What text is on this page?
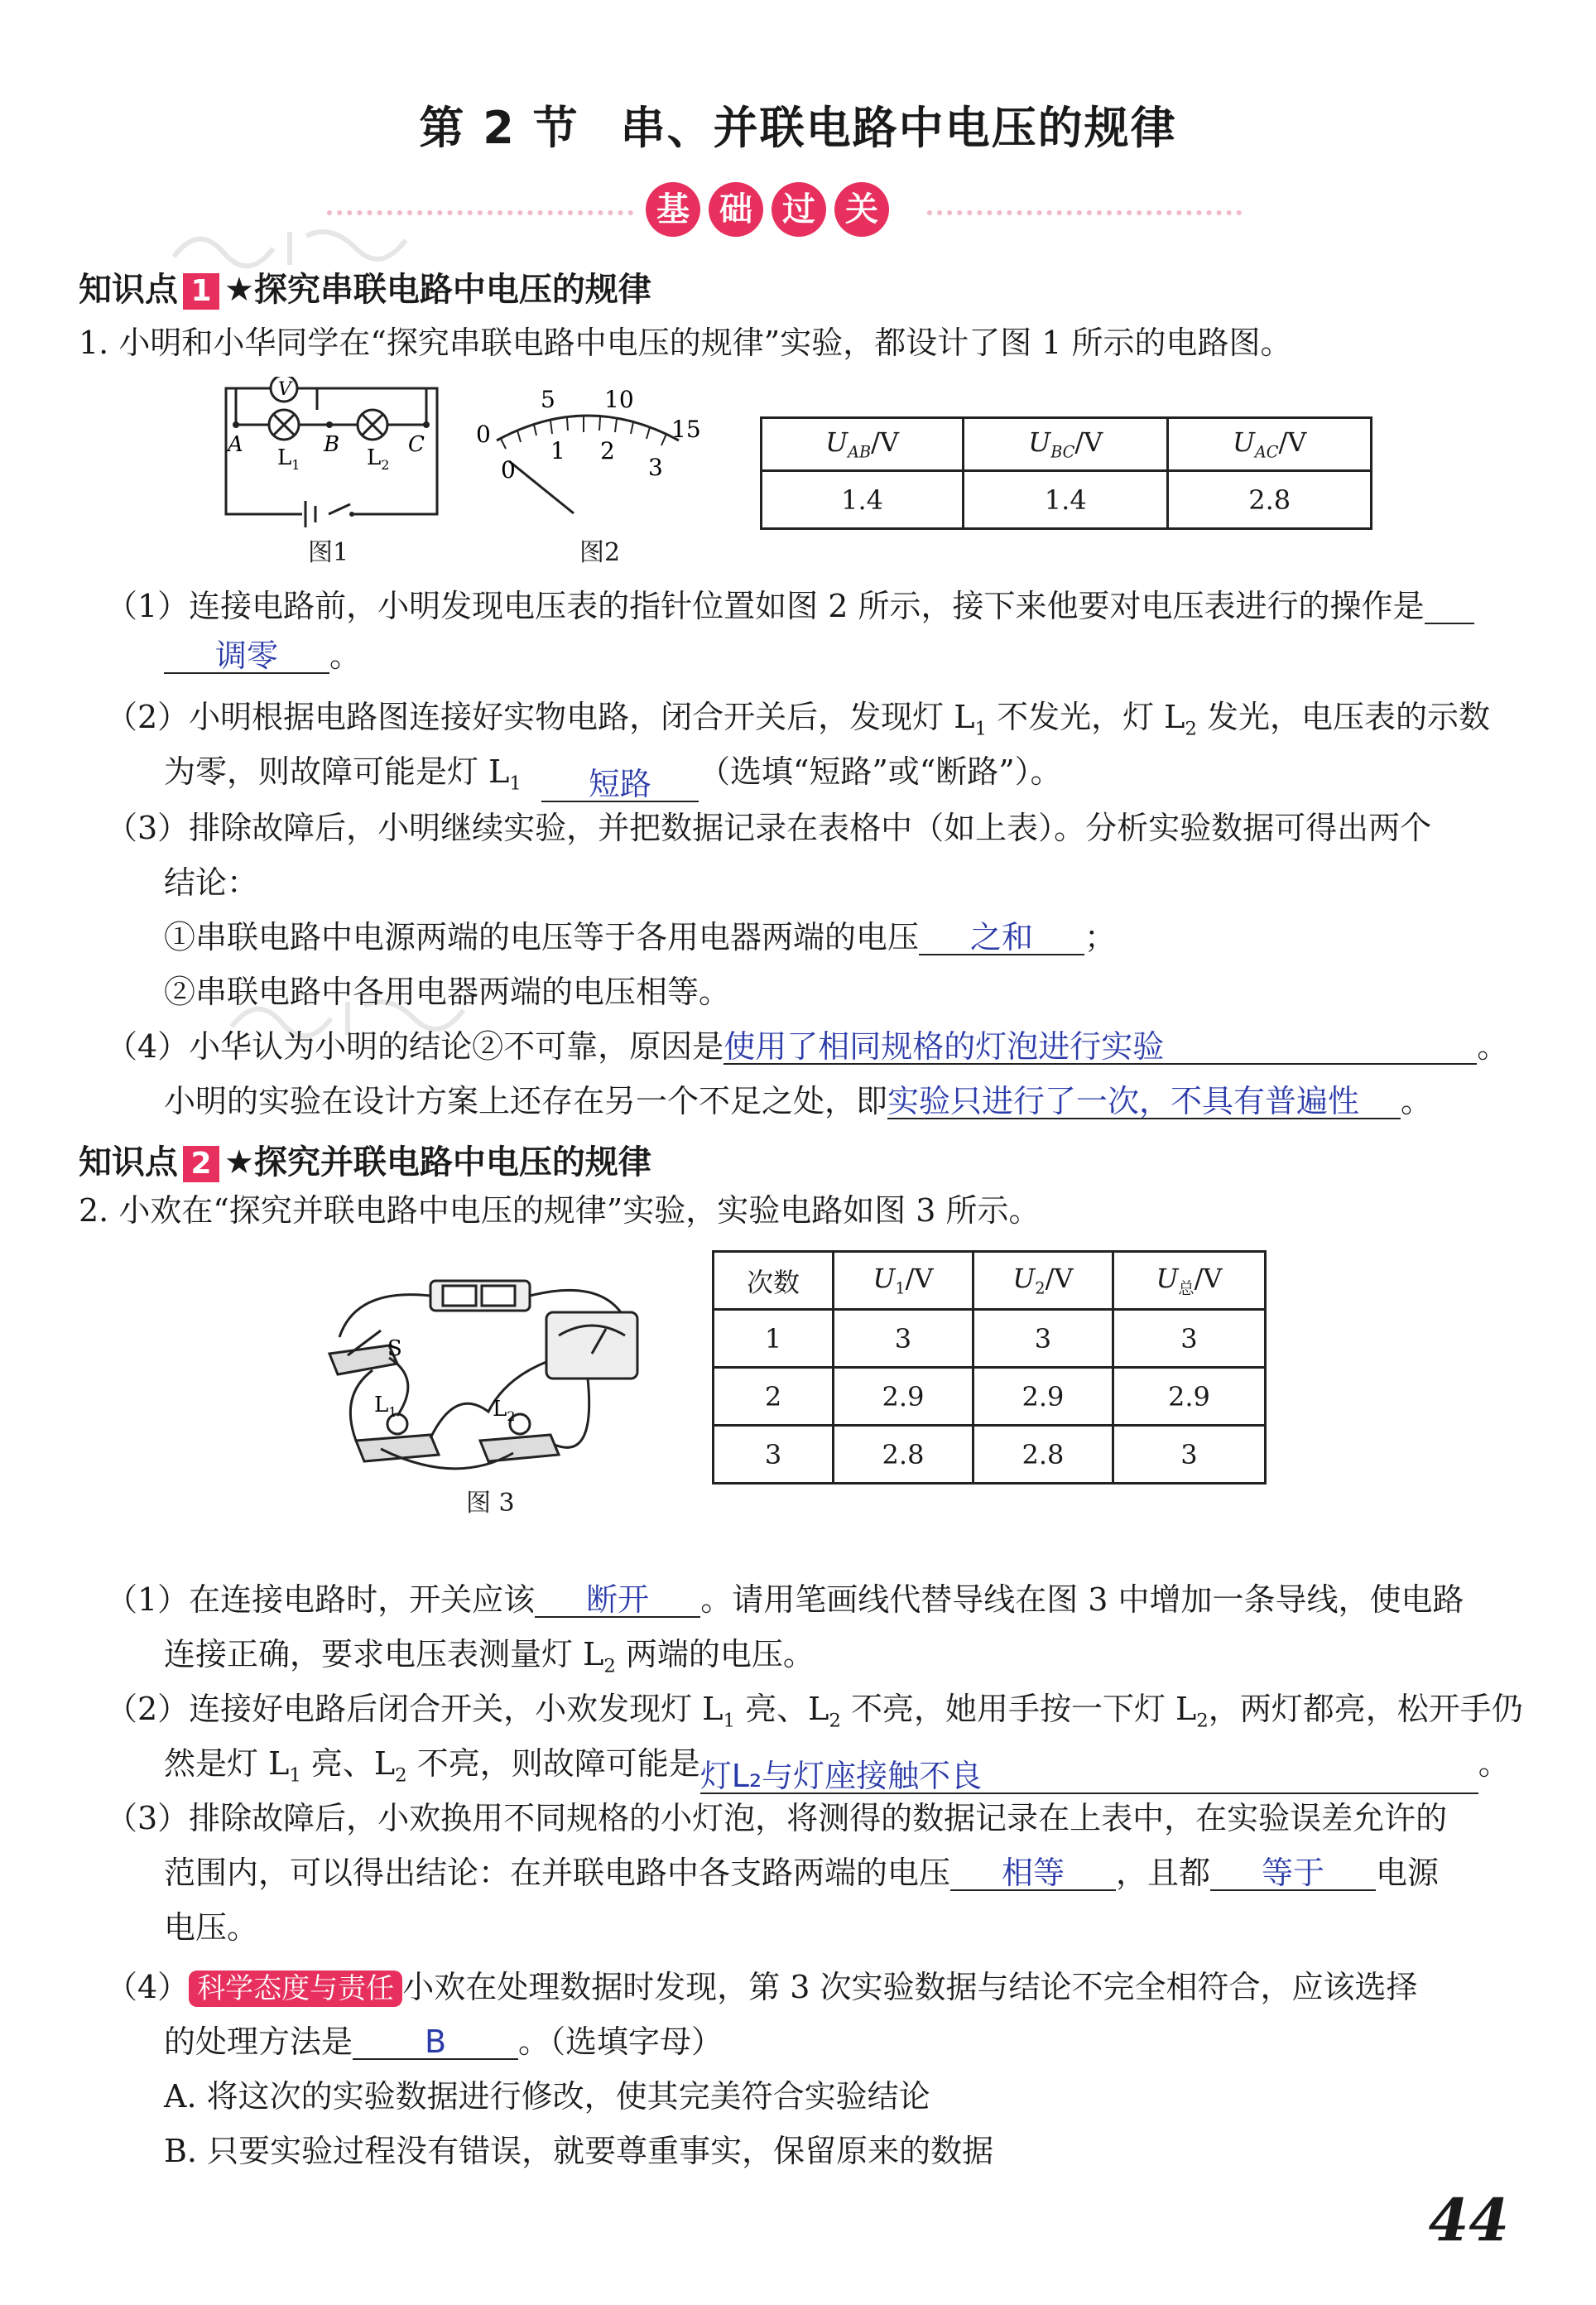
第 2 节 串、并联电路中电压的规律
基 础 过 关
知识点 1 ★探究串联电路中电压的规律
1. 小明和小华同学在“探究串联电路中电压的规律”实验，都设计了图 1 所示的电路图。
V
A	B	C
$L_1$	$L_2$
图1
5 10
0	15
0
1 2
3
图2
$U_{AB}/V$	$U_{BC}/V$	$U_{AC}/V$
1.4	1.4	2.8
（1）连接电路前，小明发现电压表的指针位置如图 2 所示，接下来他要对电压表进行的操作是
调零 。
（2）小明根据电路图连接好实物电路，闭合开关后，发现灯 $L_1$ 不发光，灯 $L_2$ 发光，电压表的示数
为零，则故障可能是灯 $L_1$ 短路 （选填“短路”或“断路”）。
（3）排除故障后，小明继续实验，并把数据记录在表格中（如上表）。分析实验数据可得出两个
结论：
①串联电路中电源两端的电压等于各用电器两端的电压 之和 ；
②串联电路中各用电器两端的电压相等。
（4）小华认为小明的结论②不可靠，原因是使用了相同规格的灯泡进行实验	。
小明的实验在设计方案上还存在另一个不足之处，即实验只进行了一次，不具有普遍性 。
知识点 2 ★探究并联电路中电压的规律
2. 小欢在“探究并联电路中电压的规律”实验，实验电路如图 3 所示。
S
$L_1$	$L_2$
图 3
次数	$U_1/V$	$U_2/V$	$U_总/V$
1	3	3	3
2	2.9	2.9	2.9
3	2.8	2.8	3
（1）在连接电路时，开关应该 断开 。请用笔画线代替导线在图 3 中增加一条导线，使电路
连接正确，要求电压表测量灯 $L_2$ 两端的电压。
（2）连接好电路后闭合开关，小欢发现灯 $L_1$ 亮、$L_2$ 不亮，她用手按一下灯 $L_2$，两灯都亮，松开手仍
然是灯 $L_1$ 亮、$L_2$ 不亮，则故障可能是灯L₂与灯座接触不良	。
（3）排除故障后，小欢换用不同规格的小灯泡，将测得的数据记录在上表中，在实验误差允许的
范围内，可以得出结论：在并联电路中各支路两端的电压 相等 ，且都 等于 电源
电压。
（4） 科学态度与责任 小欢在处理数据时发现，第 3 次实验数据与结论不完全相符合，应该选择
的处理方法是 B 。（选填字母）
A. 将这次的实验数据进行修改，使其完美符合实验结论
B. 只要实验过程没有错误，就要尊重事实，保留原来的数据
44
